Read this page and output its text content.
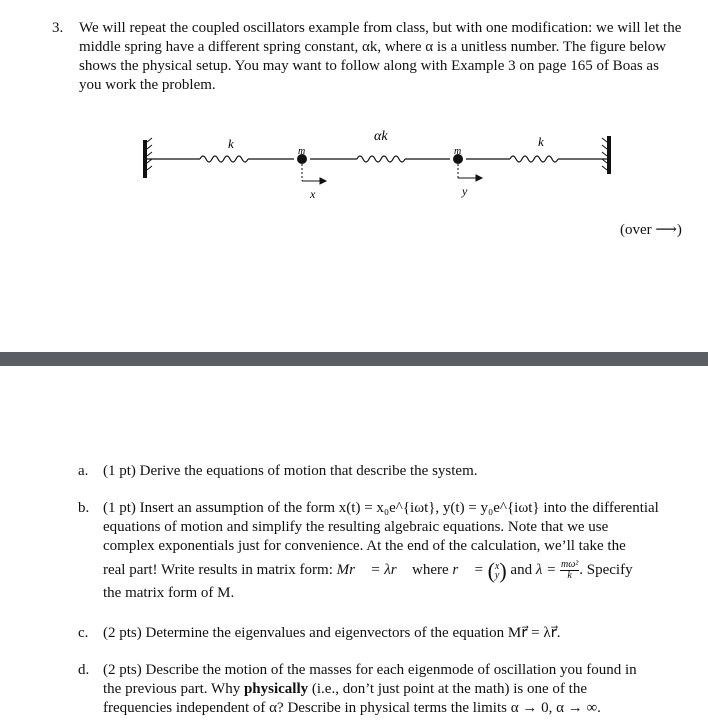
3. We will repeat the coupled oscillators example from class, but with one modification: we will let the middle spring have a different spring constant, αk, where α is a unitless number. The figure below shows the physical setup. You may want to follow along with Example 3 on page 165 of Boas as you work the problem.
k	αk	k
m	m
x	y
(over ⟶)
a. (1 pt) Derive the equations of motion that describe the system.
b. (1 pt) Insert an assumption of the form x(t) = x₀e^{iωt}, y(t) = y₀e^{iωt} into the differential
equations of motion and simplify the resulting algebraic equations. Note that we use
complex exponentials just for convenience. At the end of the calculation, we’ll take the
real part! Write results in matrix form: Mr⃗ = λr⃗ where r⃗ = ( x
y ) and $\lambda = \frac{\text{mω²}}{k}$ . Specify
the matrix form of M.
c. (2 pts) Determine the eigenvalues and eigenvectors of the equation Mr⃗ = λr⃗.
d. (2 pts) Describe the motion of the masses for each eigenmode of oscillation you found in
the previous part. Why physically (i.e., don’t just point at the math) is one of the
frequencies independent of α? Describe in physical terms the limits α → 0, α → ∞.
